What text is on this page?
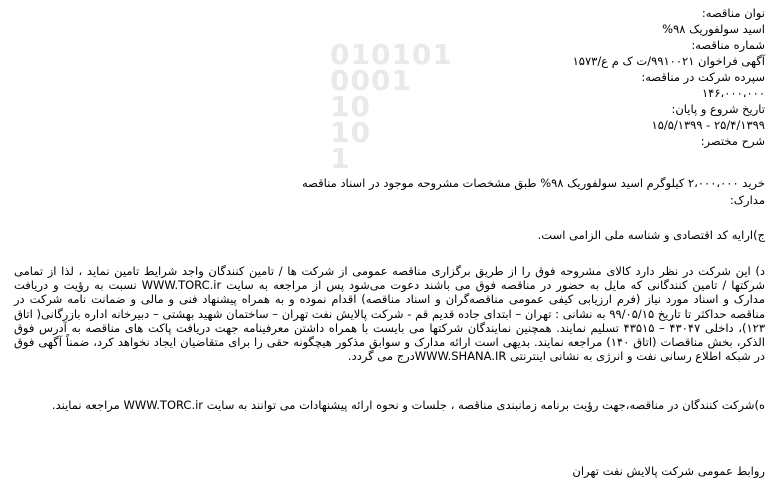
010101
0001
10
10
1
نوان مناقصه:
اسید سولفوریک ۹۸%
شماره مناقصه:
آگهی فراخوان ۹۹۱۰۰۲۱/ت ک م ع/۱۵۷۳
سپرده شرکت در مناقصه:
۱۴۶،۰۰۰،۰۰۰
تاریخ شروع و پایان:
۲۵/۴/۱۳۹۹ - ۱۵/۵/۱۳۹۹
شرح مختصر:
خرید ۲،۰۰۰،۰۰۰ کیلوگرم اسید سولفوریک ۹۸% طبق مشخصات مشروحه موجود در اسناد مناقصه
مدارک:
ج)ارایه کد اقتصادی و شناسه ملی الزامی است.
د) این شرکت در نظر دارد کالای مشروحه فوق را از طریق برگزاری مناقصه عمومی از شرکت ها / تامین کنندگان واجد شرایط تامین نماید ، لذا از تمامی شرکتها / تامین کنندگانی که مایل به حضور در مناقصه فوق می باشند دعوت می‌شود پس از مراجعه به سایت WWW.TORC.ir نسبت به رؤیت و دریافت مدارک و اسناد مورد نیاز (فرم ارزیابی کیفی عمومی مناقصه‌گران و اسناد مناقصه) اقدام نموده و به همراه پیشنهاد فنی و مالی و ضمانت نامه شرکت در مناقصه حداکثر تا تاریخ ۹۹/۰۵/۱۵ به نشانی : تهران – ابتدای جاده قدیم قم - شرکت پالایش نفت تهران – ساختمان شهید بهشتی – دبیرخانه اداره بازرگانی( اتاق ۱۲۳)، داخلی ۴۳۰۴۷ – ۴۳۵۱۵ تسلیم نمایند. همچنین نمایندگان شرکتها می بایست با همراه داشتن معرفینامه جهت دریافت پاکت های مناقصه به آدرس فوق الذکر، بخش مناقصات (اتاق ۱۴۰) مراجعه نمایند. بدیهی است ارائه مدارک و سوابق مذکور هیچگونه حقی را برای متقاضیان ایجاد نخواهد کرد، ضمناً آگهی فوق در شبکه اطلاع رسانی نفت و انرژی به نشانی اینترنتی WWW.SHANA.IRدرج می گردد.
ه)شرکت کنندگان در مناقصه،جهت رؤیت برنامه زمانبندی مناقصه ، جلسات و نحوه ارائه پیشنهادات می توانند به سایت WWW.TORC.ir مراجعه نمایند.
روابط عمومی شرکت پالایش نفت تهران
